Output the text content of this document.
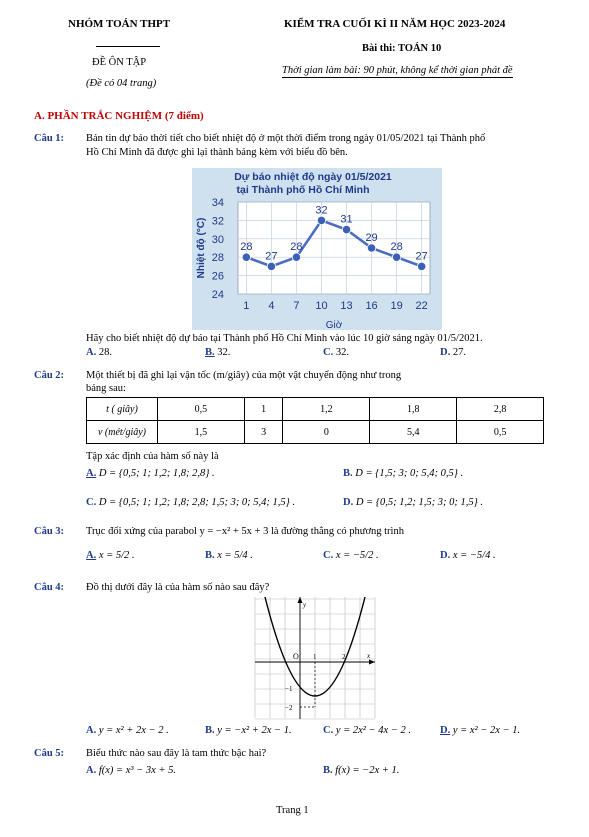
NHÓM TOÁN THPT
ĐỀ ÔN TẬP
(Đề có 04 trang)
KIỂM TRA CUỐI KÌ II NĂM HỌC 2023-2024
Bài thi: TOÁN 10
Thời gian làm bài: 90 phút, không kể thời gian phát đề
A. PHẦN TRẮC NGHIỆM (7 điểm)
Câu 1: Bản tin dự báo thời tiết cho biết nhiệt độ ở một thời điểm trong ngày 01/05/2021 tại Thành phố
Hồ Chí Minh đã được ghi lại thành bảng kèm với biểu đồ bên.
24
26
28
30
32
34
1 4 7 10 13 16 19 22
Dự báo nhiệt độ ngày 01/5/2021
tại Thành phố Hồ Chí Minh
Giờ
Nhiệt độ (°C)	28
27
28
32
31
29
28
27
Hãy cho biết nhiệt độ dự báo tại Thành phố Hồ Chí Minh vào lúc 10 giờ sáng ngày 01/5/2021.
A. 28.	B. 32.	C. 32.	D. 27.
Câu 2: Một thiết bị đã ghi lại vận tốc (m/giây) của một vật chuyển động như trong
bảng sau:
t ( giây)	0,5	1	1,2	1,8	2,8
v (mét/giây)	1,5	3	0	5,4	0,5
Tập xác định của hàm số này là
A. D = {0,5; 1; 1,2; 1,8; 2,8} .	B. D = {1,5; 3; 0; 5,4; 0,5} .
C. D = {0,5; 1; 1,2; 1,8; 2,8; 1,5; 3; 0; 5,4; 1,5} .	D. D = {0,5; 1,2; 1,5; 3; 0; 1,5} .
Câu 3: Trục đối xứng của parabol y = −x² + 5x + 3 là đường thẳng có phương trình
A. x = 5/2 .	B. x = 5/4 .	C. x = −5/2 .	D. x = −5/4 .
Câu 4: Đồ thị dưới đây là của hàm số nào sau đây?
y
x
O 1	2
−1
−2
A. y = x² + 2x − 2 .	B. y = −x² + 2x − 1.	C. y = 2x² − 4x − 2 .	D. y = x² − 2x − 1.
Câu 5: Biểu thức nào sau đây là tam thức bậc hai?
A. f(x) = x³ − 3x + 5.	B. f(x) = −2x + 1.
Trang 1
